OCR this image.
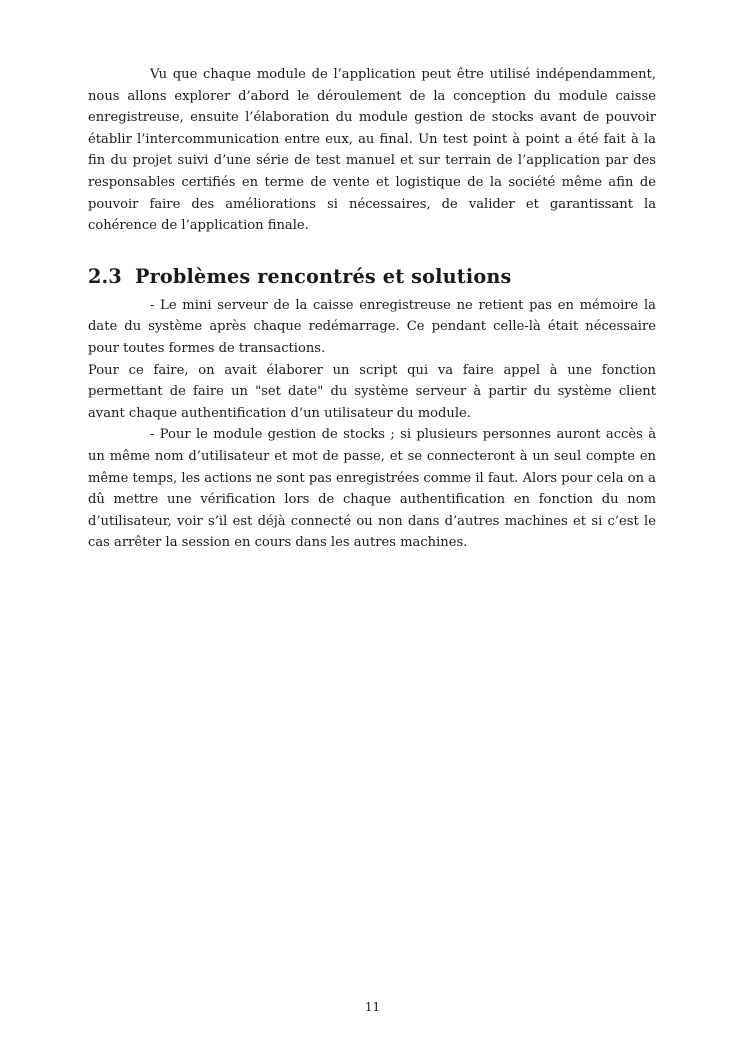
Vu que chaque module de l’application peut être utilisé indépendamment, nous allons explorer d’abord le déroulement de la conception du module caisse enregistreuse, ensuite l’élaboration du module gestion de stocks avant de pouvoir établir l’intercommunication entre eux, au final. Un test point à point a été fait à la fin du projet suivi d’une série de test manuel et sur terrain de l’application par des responsables certifiés en terme de vente et logistique de la société même afin de pouvoir faire des améliorations si nécessaires, de valider et garantissant la cohérence de l’application finale.

2.3 Problèmes rencontrés et solutions

- Le mini serveur de la caisse enregistreuse ne retient pas en mémoire la date du système après chaque redémarrage. Ce pendant celle-là était nécessaire pour toutes formes de transactions.

Pour ce faire, on avait élaborer un script qui va faire appel à une fonction permettant de faire un "set date" du système serveur à partir du système client avant chaque authentification d’un utilisateur du module.

- Pour le module gestion de stocks ; si plusieurs personnes auront accès à un même nom d’utilisateur et mot de passe, et se connecteront à un seul compte en même temps, les actions ne sont pas enregistrées comme il faut. Alors pour cela on a dû mettre une vérification lors de chaque authentification en fonction du nom d’utilisateur, voir s’il est déjà connecté ou non dans d’autres machines et si c’est le cas arrêter la session en cours dans les autres machines.

11
